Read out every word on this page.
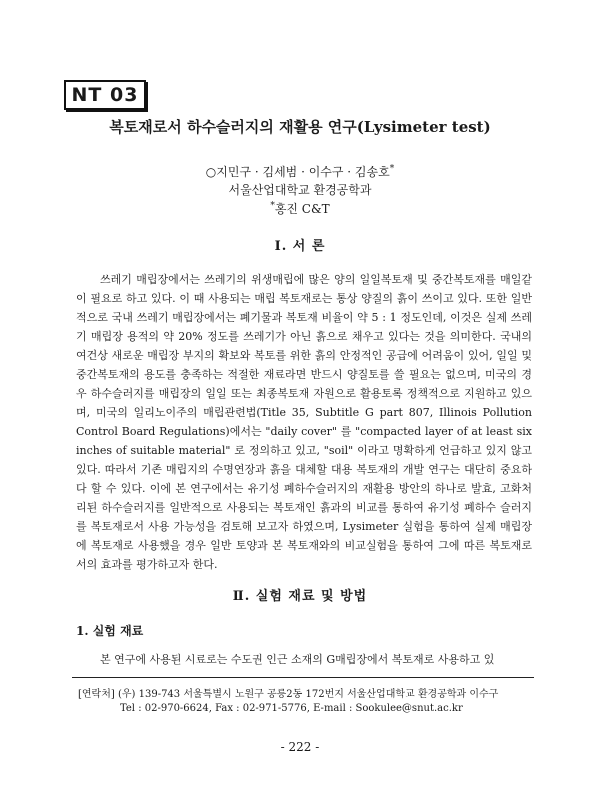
NT 03
복토재로서 하수슬러지의 재활용 연구(Lysimeter test)
○지민구 · 김세범 · 이수구 · 김송호*
서울산업대학교 환경공학과
*홍진 C&T
Ⅰ. 서 론

쓰레기 매립장에서는 쓰레기의 위생매립에 많은 양의 일일복토재 및 중간복토재를 매일같이 필요로 하고 있다. 이 때 사용되는 매립 복토재로는 통상 양질의 흙이 쓰이고 있다. 또한 일반적으로 국내 쓰레기 매립장에서는 폐기물과 복토재 비율이 약 5 : 1 정도인데, 이것은 실제 쓰레기 매립장 용적의 약 20% 정도를 쓰레기가 아닌 흙으로 채우고 있다는 것을 의미한다. 국내의 여건상 새로운 매립장 부지의 확보와 복토를 위한 흙의 안정적인 공급에 어려움이 있어, 일일 및 중간복토재의 용도를 충족하는 적절한 재료라면 반드시 양질토를 쓸 필요는 없으며, 미국의 경우 하수슬러지를 매립장의 일일 또는 최종복토재 자원으로 활용토록 정책적으로 지원하고 있으며, 미국의 일리노이주의 매립관련법(Title 35, Subtitle G part 807, Illinois Pollution Control Board Regulations)에서는 "daily cover" 를 "compacted layer of at least six inches of suitable material" 로 정의하고 있고, "soil" 이라고 명확하게 언급하고 있지 않고 있다. 따라서 기존 매립지의 수명연장과 흙을 대체할 대용 복토재의 개발 연구는 대단히 중요하다 할 수 있다. 이에 본 연구에서는 유기성 폐하수슬러지의 재활용 방안의 하나로 발효, 고화처리된 하수슬러지를 일반적으로 사용되는 복토재인 흙과의 비교를 통하여 유기성 폐하수 슬러지를 복토재로서 사용 가능성을 검토해 보고자 하였으며, Lysimeter 실험을 통하여 실제 매립장에 복토재로 사용했을 경우 일반 토양과 본 복토재와의 비교실험을 통하여 그에 따른 복토재로서의 효과를 평가하고자 한다.

Ⅱ. 실험 재료 및 방법
1. 실험 재료
본 연구에 사용된 시료로는 수도권 인근 소재의 G매립장에서 복토재로 사용하고 있
[연락처] (우) 139-743 서울특별시 노원구 공릉2동 172번지 서울산업대학교 환경공학과 이수구
Tel : 02-970-6624, Fax : 02-971-5776, E-mail : Sookulee@snut.ac.kr
- 222 -
